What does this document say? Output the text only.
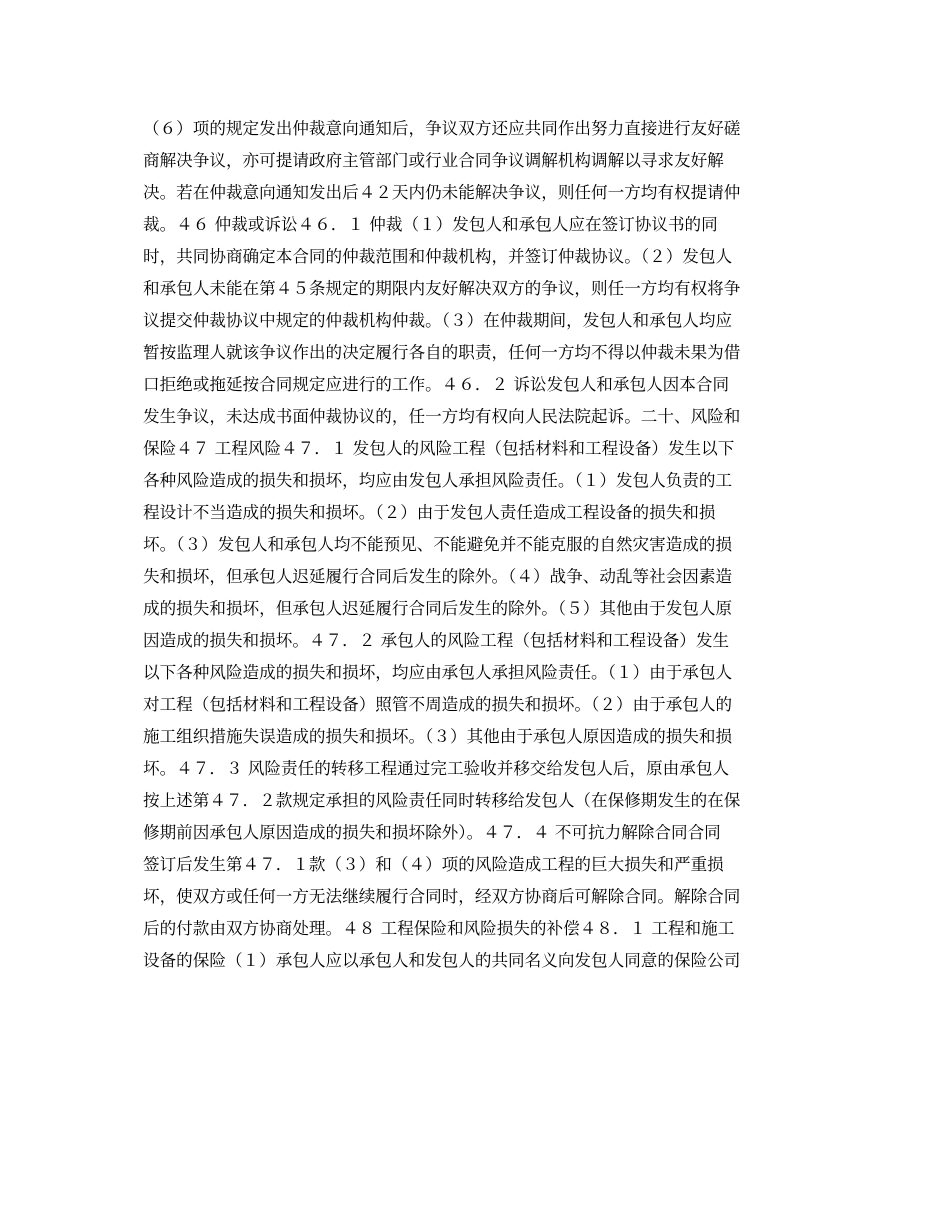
（６）项的规定发出仲裁意向通知后，争议双方还应共同作出努力直接进行友好磋
商解决争议，亦可提请政府主管部门或行业合同争议调解机构调解以寻求友好解
决。若在仲裁意向通知发出后４２天内仍未能解决争议，则任何一方均有权提请仲
裁。４６ 仲裁或诉讼４６．１ 仲裁（１）发包人和承包人应在签订协议书的同
时，共同协商确定本合同的仲裁范围和仲裁机构，并签订仲裁协议。（２）发包人
和承包人未能在第４５条规定的期限内友好解决双方的争议，则任一方均有权将争
议提交仲裁协议中规定的仲裁机构仲裁。（３）在仲裁期间，发包人和承包人均应
暂按监理人就该争议作出的决定履行各自的职责，任何一方均不得以仲裁未果为借
口拒绝或拖延按合同规定应进行的工作。４６．２ 诉讼发包人和承包人因本合同
发生争议，未达成书面仲裁协议的，任一方均有权向人民法院起诉。二十、风险和
保险４７ 工程风险４７．１ 发包人的风险工程（包括材料和工程设备）发生以下
各种风险造成的损失和损坏，均应由发包人承担风险责任。（１）发包人负责的工
程设计不当造成的损失和损坏。（２）由于发包人责任造成工程设备的损失和损
坏。（３）发包人和承包人均不能预见、不能避免并不能克服的自然灾害造成的损
失和损坏，但承包人迟延履行合同后发生的除外。（４）战争、动乱等社会因素造
成的损失和损坏，但承包人迟延履行合同后发生的除外。（５）其他由于发包人原
因造成的损失和损坏。４７．２ 承包人的风险工程（包括材料和工程设备）发生
以下各种风险造成的损失和损坏，均应由承包人承担风险责任。（１）由于承包人
对工程（包括材料和工程设备）照管不周造成的损失和损坏。（２）由于承包人的
施工组织措施失误造成的损失和损坏。（３）其他由于承包人原因造成的损失和损
坏。４７．３ 风险责任的转移工程通过完工验收并移交给发包人后，原由承包人
按上述第４７．２款规定承担的风险责任同时转移给发包人（在保修期发生的在保
修期前因承包人原因造成的损失和损坏除外）。４７．４ 不可抗力解除合同合同
签订后发生第４７．１款（３）和（４）项的风险造成工程的巨大损失和严重损
坏，使双方或任何一方无法继续履行合同时，经双方协商后可解除合同。解除合同
后的付款由双方协商处理。４８ 工程保险和风险损失的补偿４８．１ 工程和施工
设备的保险（１）承包人应以承包人和发包人的共同名义向发包人同意的保险公司
